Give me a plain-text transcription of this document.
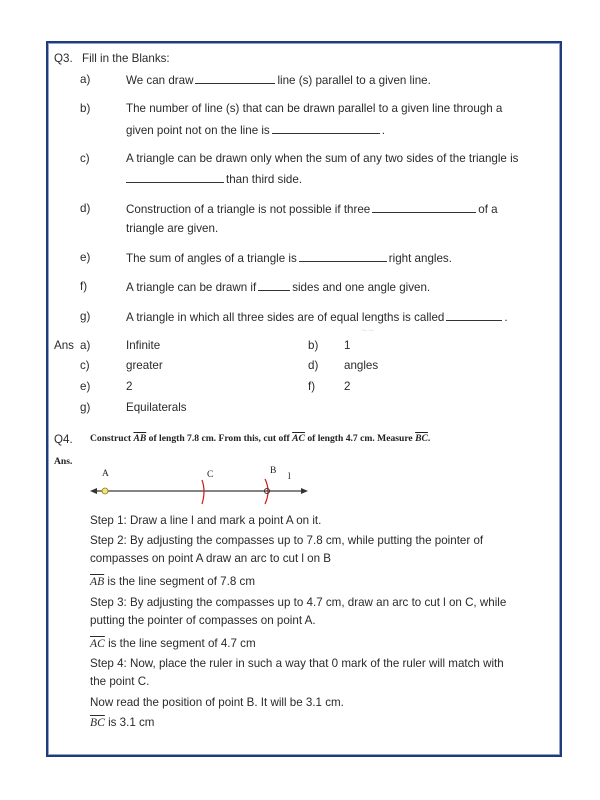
Q3. Fill in the Blanks:
a)	We can draw	line (s) parallel to a given line.
b)	The number of line (s) that can be drawn parallel to a given line through a
given point not on the line is	.
c)	A triangle can be drawn only when the sum of any two sides of the triangle is
than third side.
d)	Construction of a triangle is not possible if three	of a
triangle are given.
e)	The sum of angles of a triangle is	right angles.
f)	A triangle can be drawn if	sides and one angle given.
g)	A triangle in which all three sides are of equal lengths is called	.
～～
Ans a)	Infinite	b) 1
c)	greater	d) angles
e)	2	f) 2
g)	Equilaterals
Q4. Construct $\overline{AB}$ of length 7.8 cm. From this, cut off $\overline{AC}$ of length 4.7 cm. Measure $\overline{BC}$.
Ans.
A	C	B
l
Step 1: Draw a line l and mark a point A on it.
Step 2: By adjusting the compasses up to 7.8 cm, while putting the pointer of
compasses on point A draw an arc to cut l on B
$\overline{AB}$ is the line segment of 7.8 cm
Step 3: By adjusting the compasses up to 4.7 cm, draw an arc to cut l on C, while
putting the pointer of compasses on point A.
$\overline{AC}$ is the line segment of 4.7 cm
Step 4: Now, place the ruler in such a way that 0 mark of the ruler will match with
the point C.
Now read the position of point B. It will be 3.1 cm.
$\overline{BC}$ is 3.1 cm
